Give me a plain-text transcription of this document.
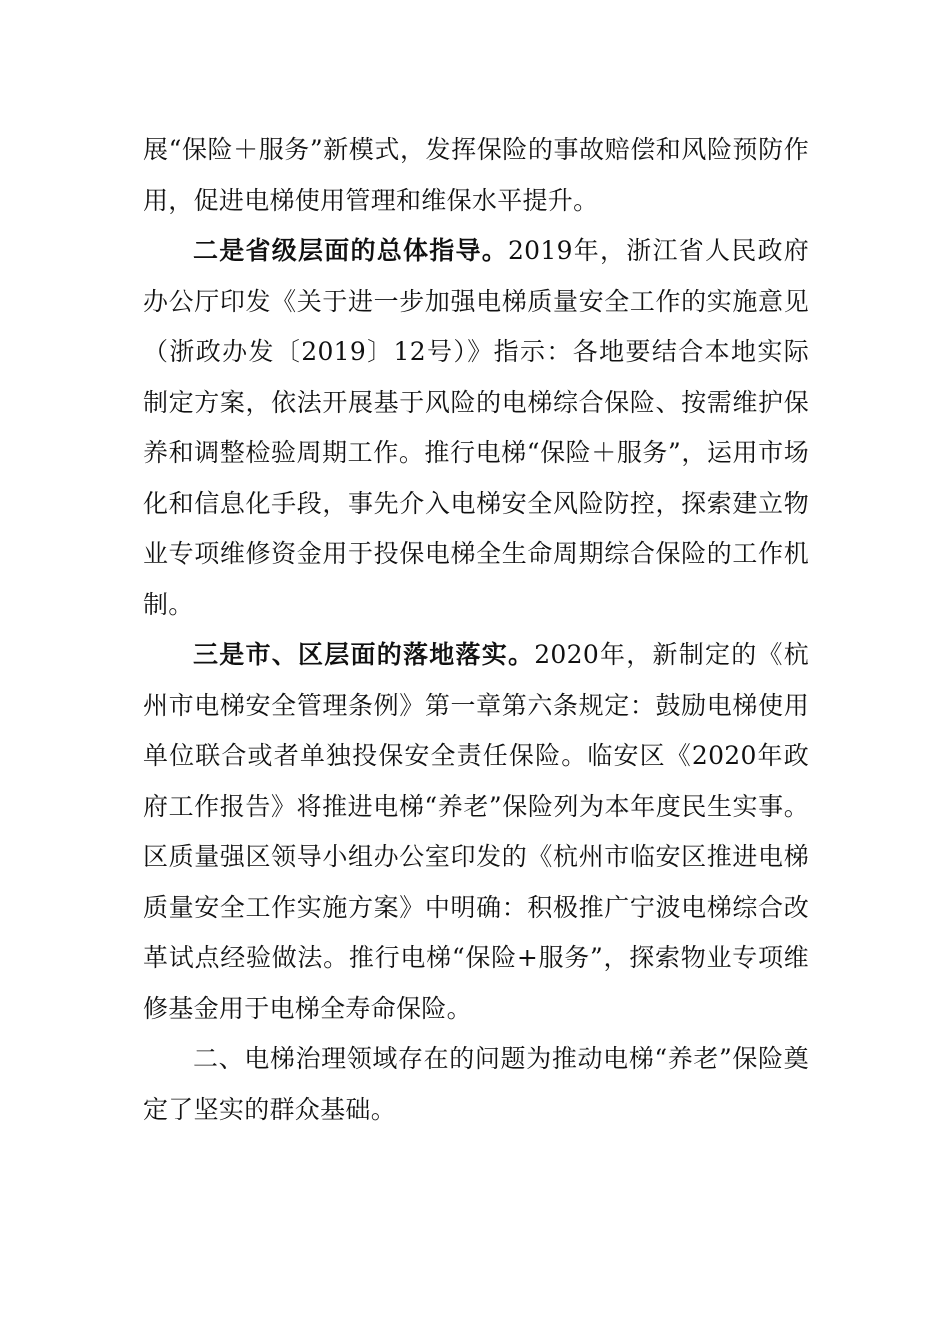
展“保险＋服务”新模式，发挥保险的事故赔偿和风险预防作用，促进电梯使用管理和维保水平提升。

二是省级层面的总体指导。2019年，浙江省人民政府办公厅印发《关于进一步加强电梯质量安全工作的实施意见（浙政办发〔2019〕12号）》指示：各地要结合本地实际制定方案，依法开展基于风险的电梯综合保险、按需维护保养和调整检验周期工作。推行电梯“保险＋服务”，运用市场化和信息化手段，事先介入电梯安全风险防控，探索建立物业专项维修资金用于投保电梯全生命周期综合保险的工作机制。

三是市、区层面的落地落实。2020年，新制定的《杭州市电梯安全管理条例》第一章第六条规定：鼓励电梯使用单位联合或者单独投保安全责任保险。临安区《2020年政府工作报告》将推进电梯“养老”保险列为本年度民生实事。区质量强区领导小组办公室印发的《杭州市临安区推进电梯质量安全工作实施方案》中明确：积极推广宁波电梯综合改革试点经验做法。推行电梯“保险+服务”，探索物业专项维修基金用于电梯全寿命保险。

二、电梯治理领域存在的问题为推动电梯“养老”保险奠定了坚实的群众基础。
